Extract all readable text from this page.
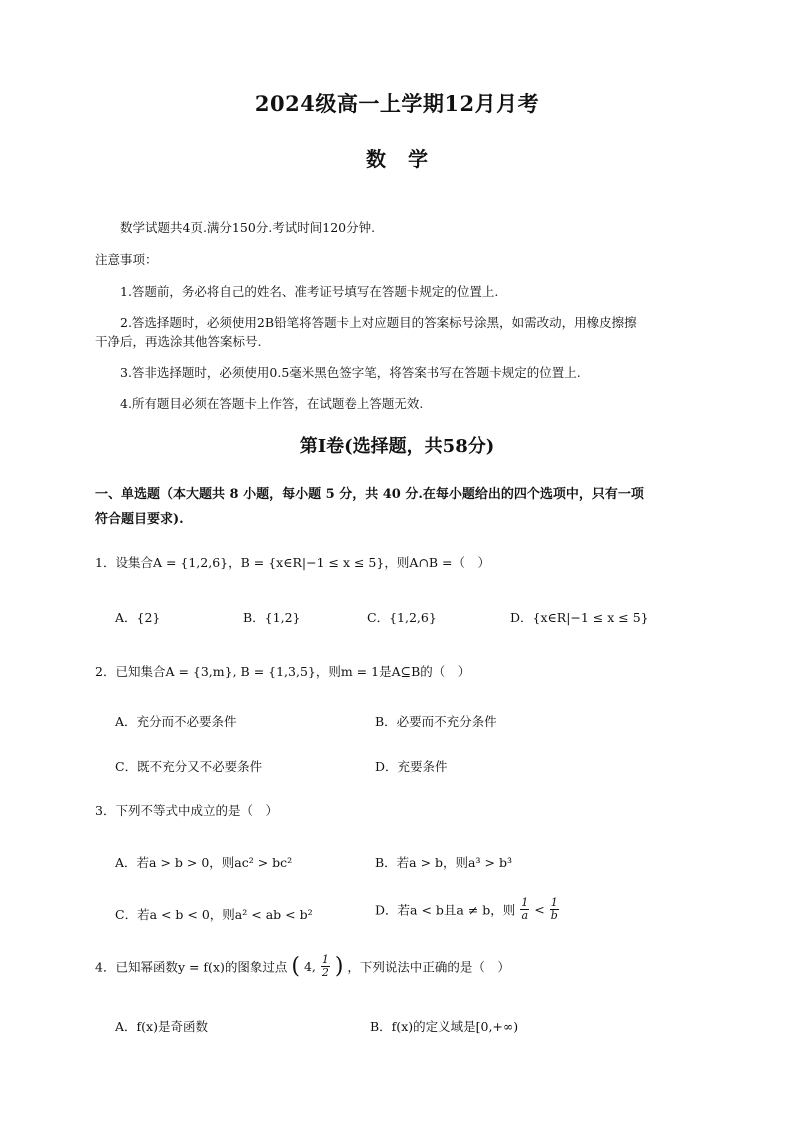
2024级高一上学期12月月考
数学
数学试题共4页.满分150分.考试时间120分钟.
注意事项：
1.答题前，务必将自己的姓名、准考证号填写在答题卡规定的位置上.
2.答选择题时，必须使用2B铅笔将答题卡上对应题目的答案标号涂黑，如需改动，用橡皮擦擦
干净后，再选涂其他答案标号.
3.答非选择题时，必须使用0.5毫米黑色签字笔，将答案书写在答题卡规定的位置上.
4.所有题目必须在答题卡上作答，在试题卷上答题无效.
第Ⅰ卷(选择题，共58分)
一、单选题（本大题共 8 小题，每小题 5 分，共 40 分.在每小题给出的四个选项中，只有一项
符合题目要求).
1．设集合A = {1,2,6}，B = {x∈R|−1 ≤ x ≤ 5}，则A∩B =（　）
A．{2}	B．{1,2}	C．{1,2,6}	D．{x∈R|−1 ≤ x ≤ 5}
2．已知集合A = {3,m}, B = {1,3,5}，则m = 1是A⊆B的（　）
A．充分而不必要条件	B．必要而不充分条件
C．既不充分又不必要条件	D．充要条件
3．下列不等式中成立的是（　）
A．若a > b > 0，则ac² > bc²	B．若a > b，则a³ > b³
C．若a < b < 0，则a² < ab < b²	D．若a < b且a ≠ b，则 $\frac{1}{a} < \frac{1}{b}$
4．已知幂函数y = f(x)的图象过点 ( 4, $\frac{1}{2}$ ) ，下列说法中正确的是（　）
A．f(x)是奇函数	B．f(x)的定义域是[0,+∞)
